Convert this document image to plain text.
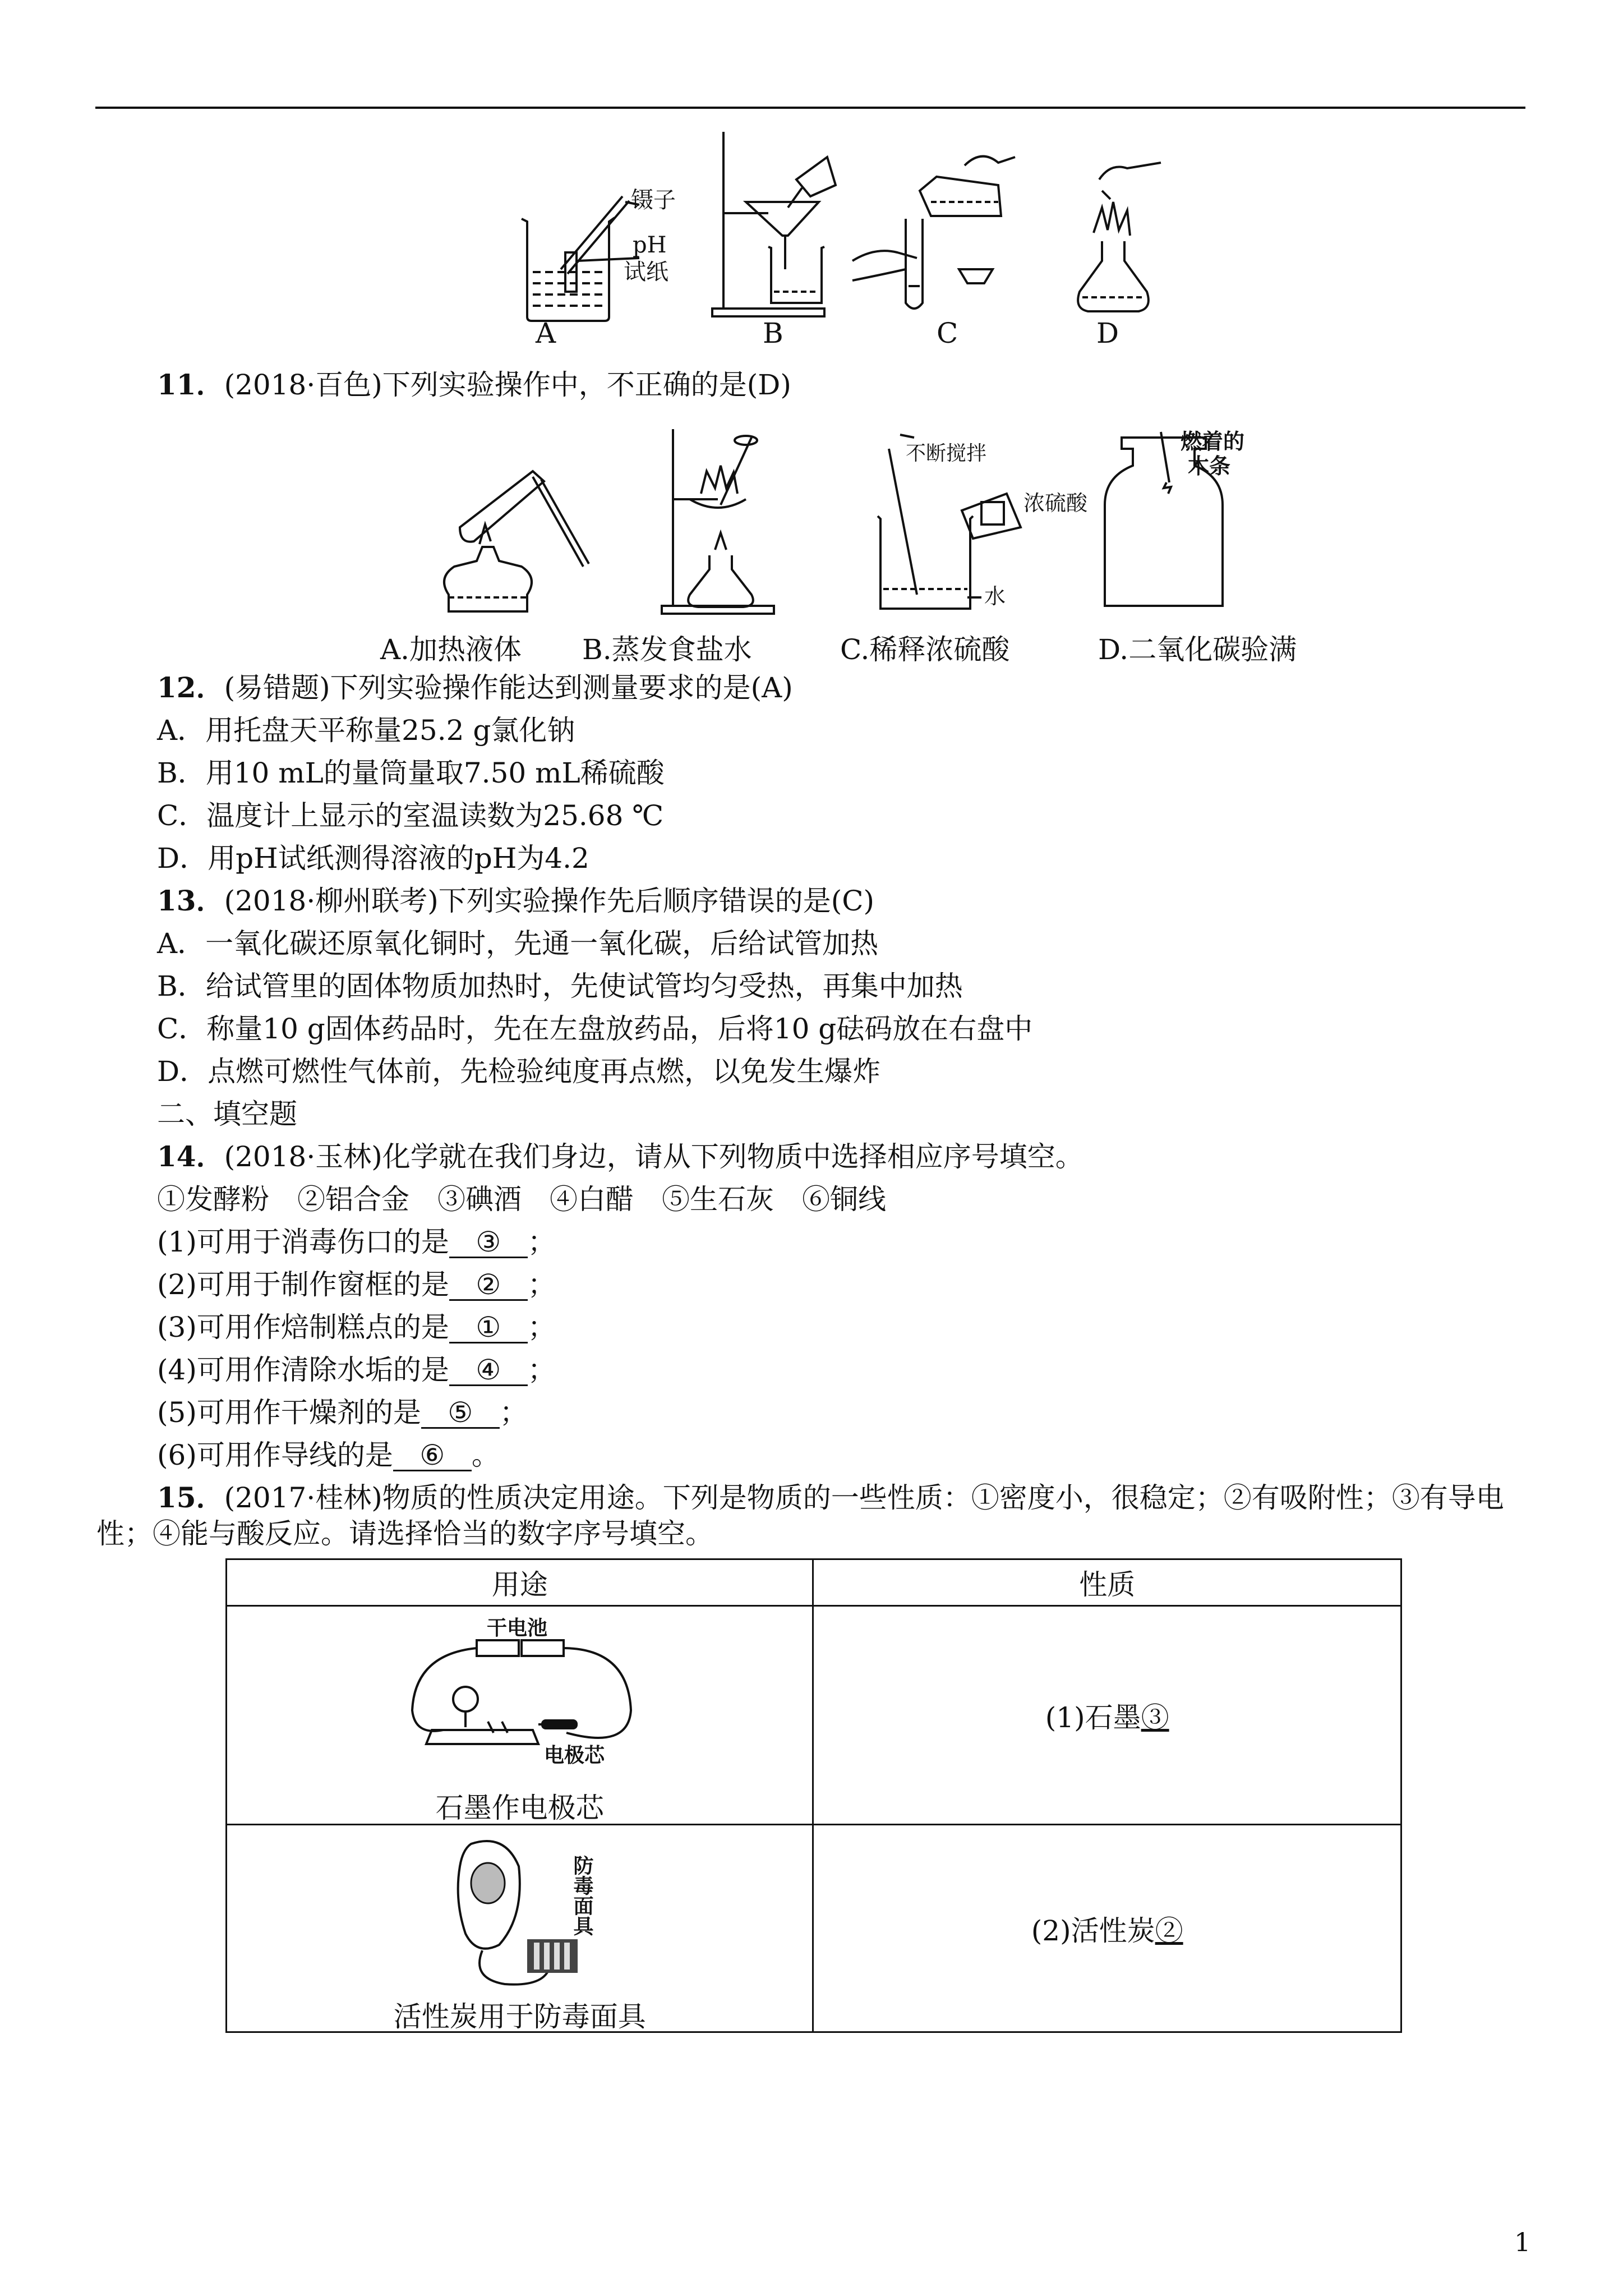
镊子
pH
试纸
A	B	C	D
11．(2018·百色)下列实验操作中，不正确的是(D)
不断搅拌
浓硫酸
水
燃着的
木条
A.加热液体 B.蒸发食盐水	C.稀释浓硫酸	D.二氧化碳验满
12．(易错题)下列实验操作能达到测量要求的是(A)
A．用托盘天平称量25.2 g氯化钠
B．用10 mL的量筒量取7.50 mL稀硫酸
C．温度计上显示的室温读数为25.68 ℃
D．用pH试纸测得溶液的pH为4.2
13．(2018·柳州联考)下列实验操作先后顺序错误的是(C)
A．一氧化碳还原氧化铜时，先通一氧化碳，后给试管加热
B．给试管里的固体物质加热时，先使试管均匀受热，再集中加热
C．称量10 g固体药品时，先在左盘放药品，后将10 g砝码放在右盘中
D．点燃可燃性气体前，先检验纯度再点燃，以免发生爆炸
二、填空题
14．(2018·玉林)化学就在我们身边，请从下列物质中选择相应序号填空。
①发酵粉　②铝合金　③碘酒　④白醋　⑤生石灰　⑥铜线
(1)可用于消毒伤口的是 ③ ；
(2)可用于制作窗框的是 ② ；
(3)可用作焙制糕点的是 ① ；
(4)可用作清除水垢的是 ④ ；
(5)可用作干燥剂的是 ⑤ ；
(6)可用作导线的是 ⑥ 。
15．(2017·桂林)物质的性质决定用途。下列是物质的一些性质：①密度小，很稳定；②有吸附性；③有导电
性；④能与酸反应。请选择恰当的数字序号填空。
用途	性质

干电池
电极芯
石墨作电极芯	(1)石墨③

防毒面具
活性炭用于防毒面具	(2)活性炭②
1
